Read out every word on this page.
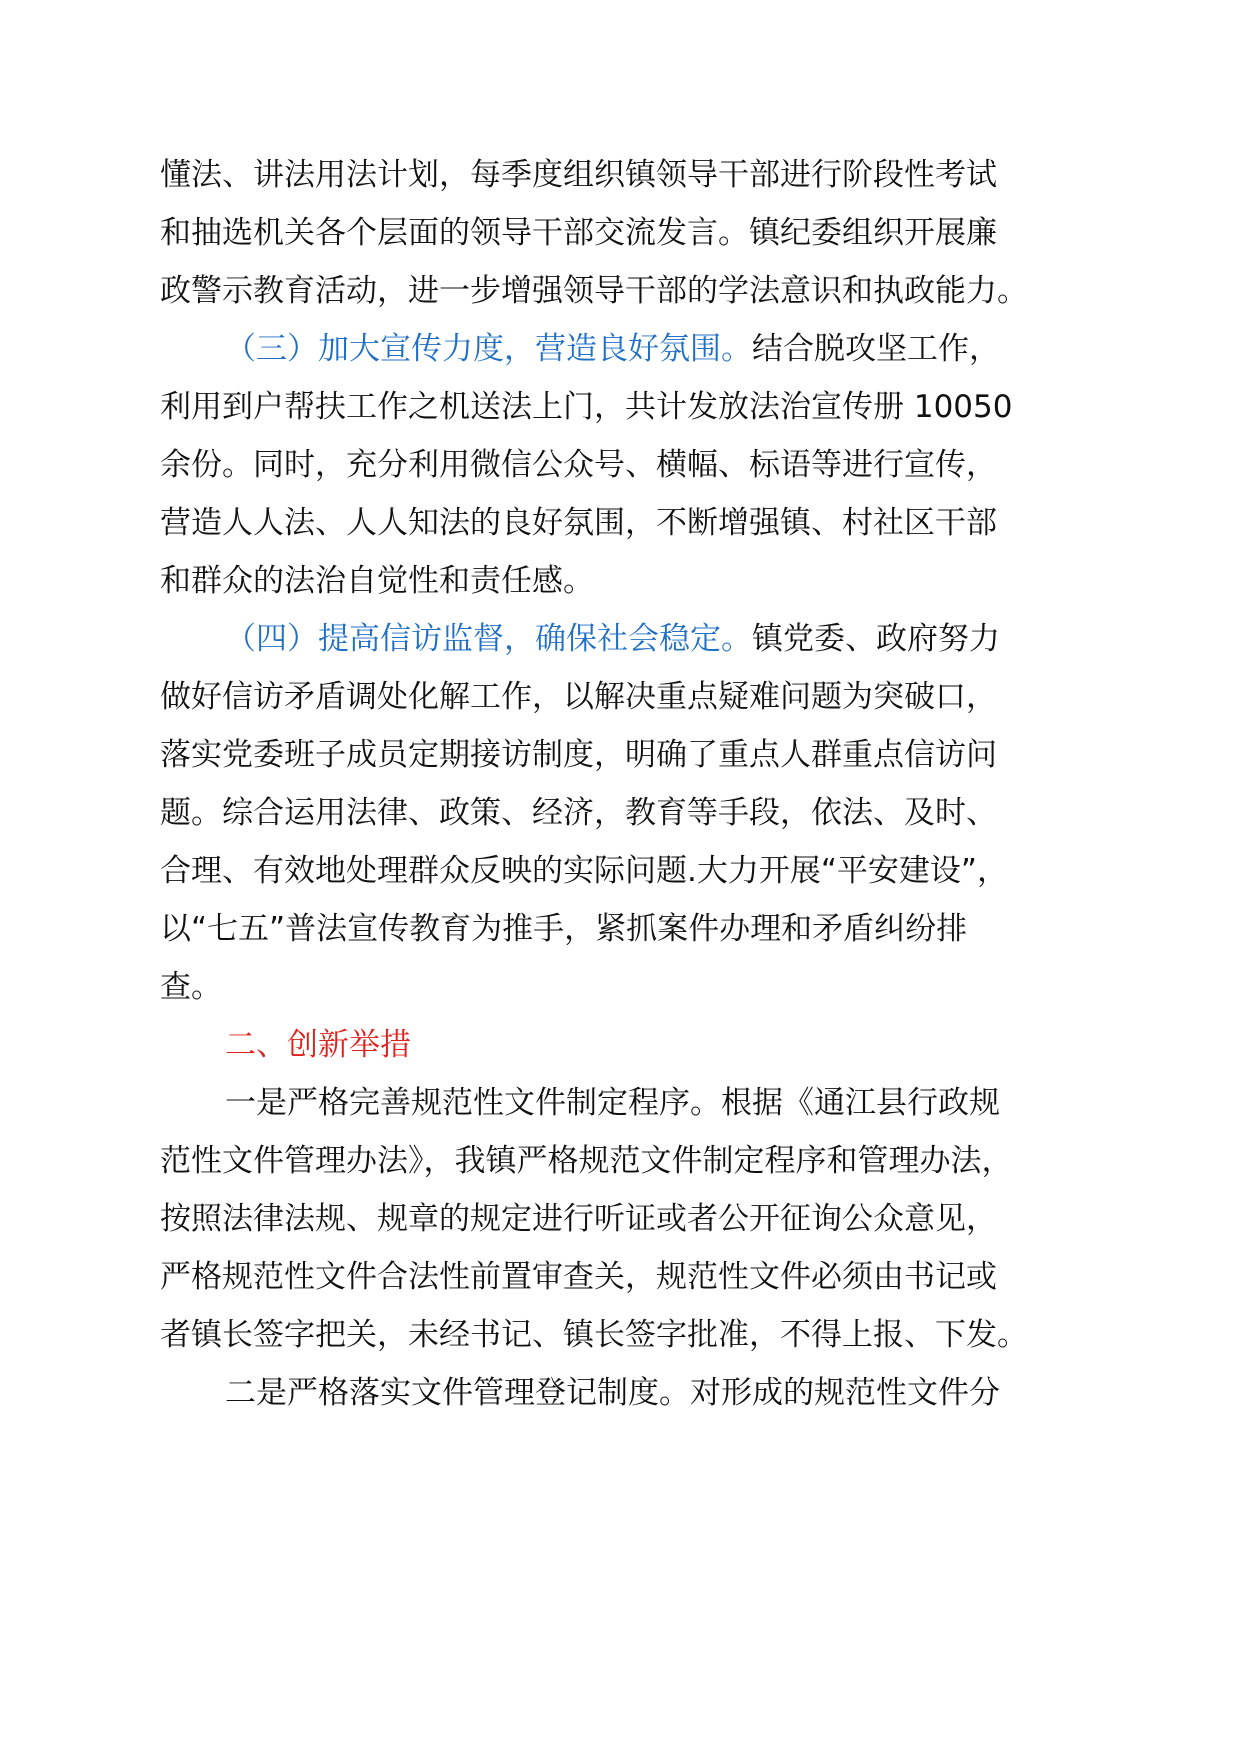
懂法、讲法用法计划，每季度组织镇领导干部进行阶段性考试
和抽选机关各个层面的领导干部交流发言。镇纪委组织开展廉
政警示教育活动，进一步增强领导干部的学法意识和执政能力。
（三）加大宣传力度，营造良好氛围。结合脱攻坚工作，
利用到户帮扶工作之机送法上门，共计发放法治宣传册 10050
余份。同时，充分利用微信公众号、横幅、标语等进行宣传，
营造人人法、人人知法的良好氛围，不断增强镇、村社区干部
和群众的法治自觉性和责任感。
（四）提高信访监督，确保社会稳定。镇党委、政府努力
做好信访矛盾调处化解工作，以解决重点疑难问题为突破口，
落实党委班子成员定期接访制度，明确了重点人群重点信访问
题。综合运用法律、政策、经济，教育等手段，依法、及时、
合理、有效地处理群众反映的实际问题.大力开展“平安建设”，
以“七五”普法宣传教育为推手，紧抓案件办理和矛盾纠纷排
查。
二、创新举措
一是严格完善规范性文件制定程序。根据《通江县行政规
范性文件管理办法》，我镇严格规范文件制定程序和管理办法，
按照法律法规、规章的规定进行听证或者公开征询公众意见，
严格规范性文件合法性前置审查关，规范性文件必须由书记或
者镇长签字把关，未经书记、镇长签字批准，不得上报、下发。
二是严格落实文件管理登记制度。对形成的规范性文件分
